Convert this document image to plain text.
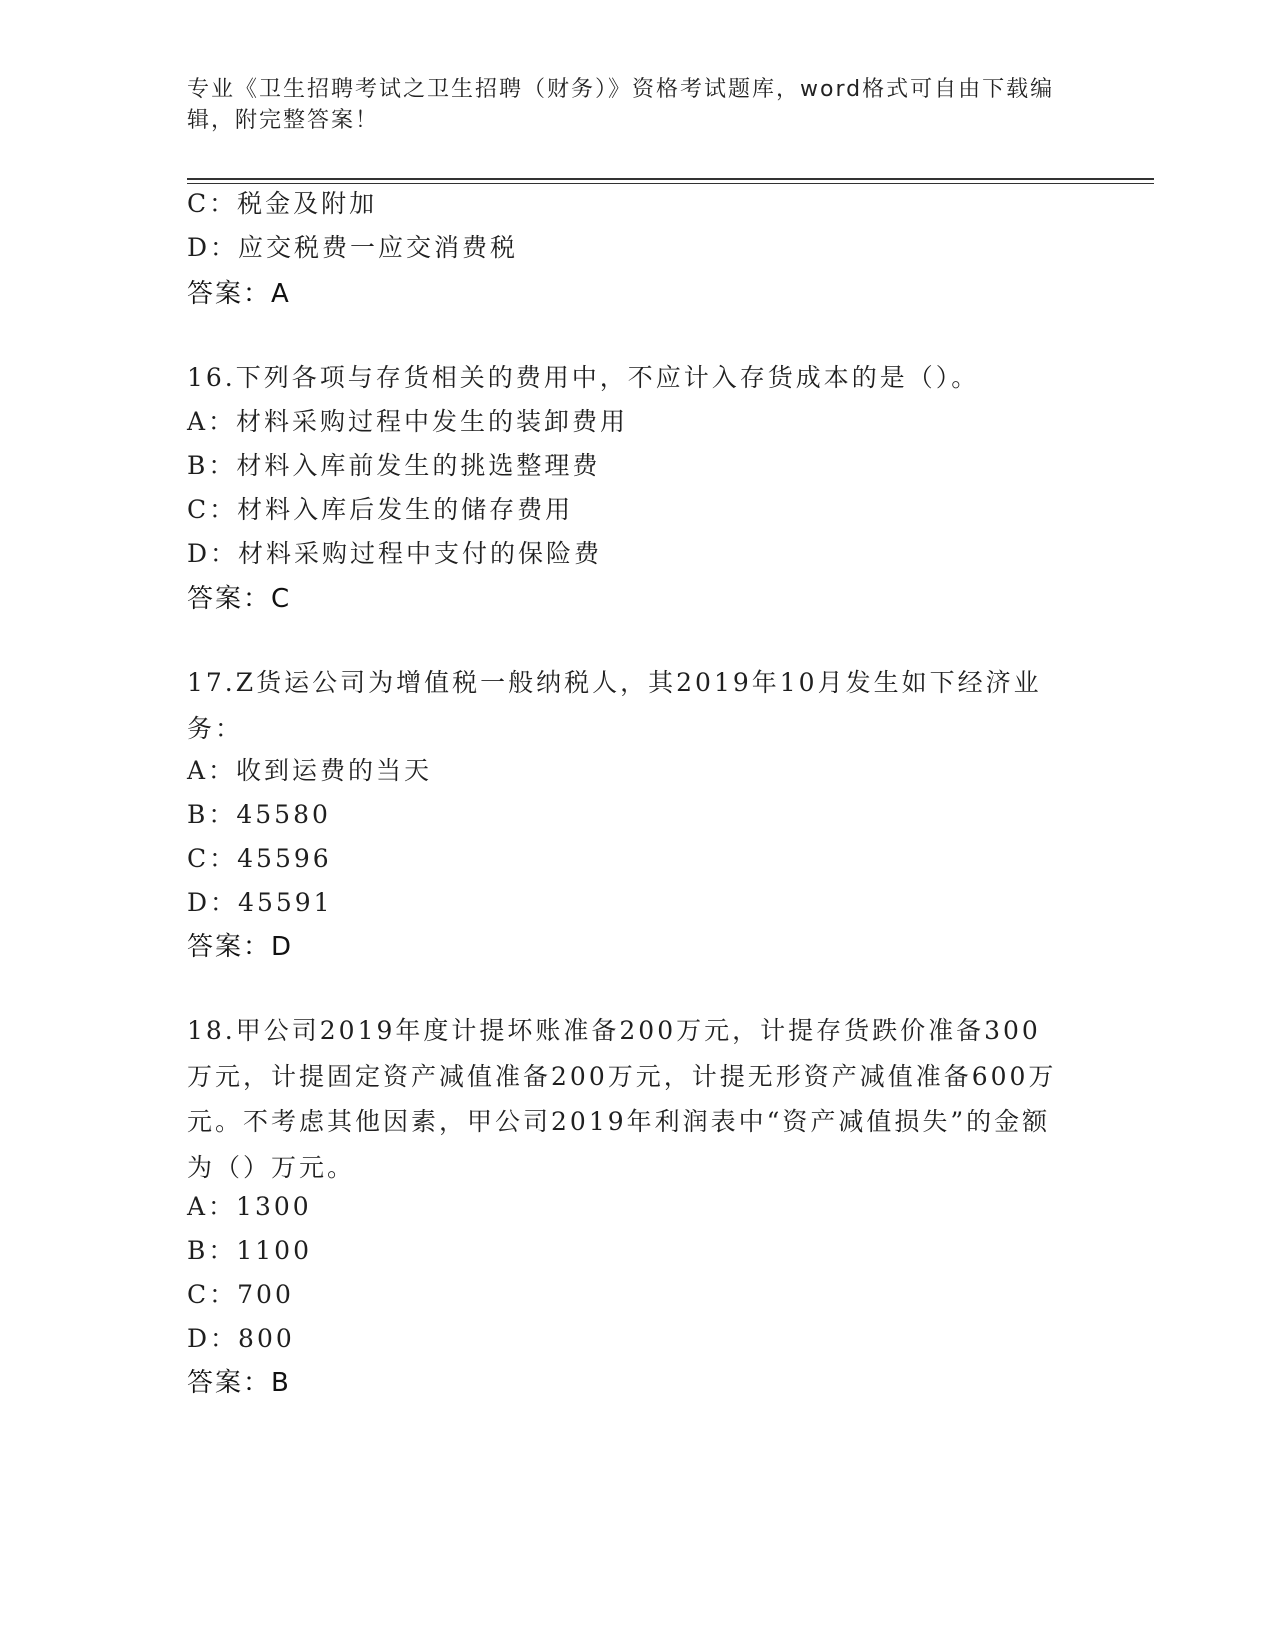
专业《卫生招聘考试之卫生招聘（财务）》资格考试题库，word格式可自由下载编辑，附完整答案！
C：税金及附加
D：应交税费一应交消费税
答案：A
16.下列各项与存货相关的费用中，不应计入存货成本的是（）。
A：材料采购过程中发生的装卸费用
B：材料入库前发生的挑选整理费
C：材料入库后发生的储存费用
D：材料采购过程中支付的保险费
答案：C
17.Z货运公司为增值税一般纳税人，其2019年10月发生如下经济业务：
A：收到运费的当天
B：45580
C：45596
D：45591
答案：D
18.甲公司2019年度计提坏账准备200万元，计提存货跌价准备300万元，计提固定资产减值准备200万元，计提无形资产减值准备600万元。不考虑其他因素，甲公司2019年利润表中“资产减值损失”的金额为（）万元。
A：1300
B：1100
C：700
D：800
答案：B
